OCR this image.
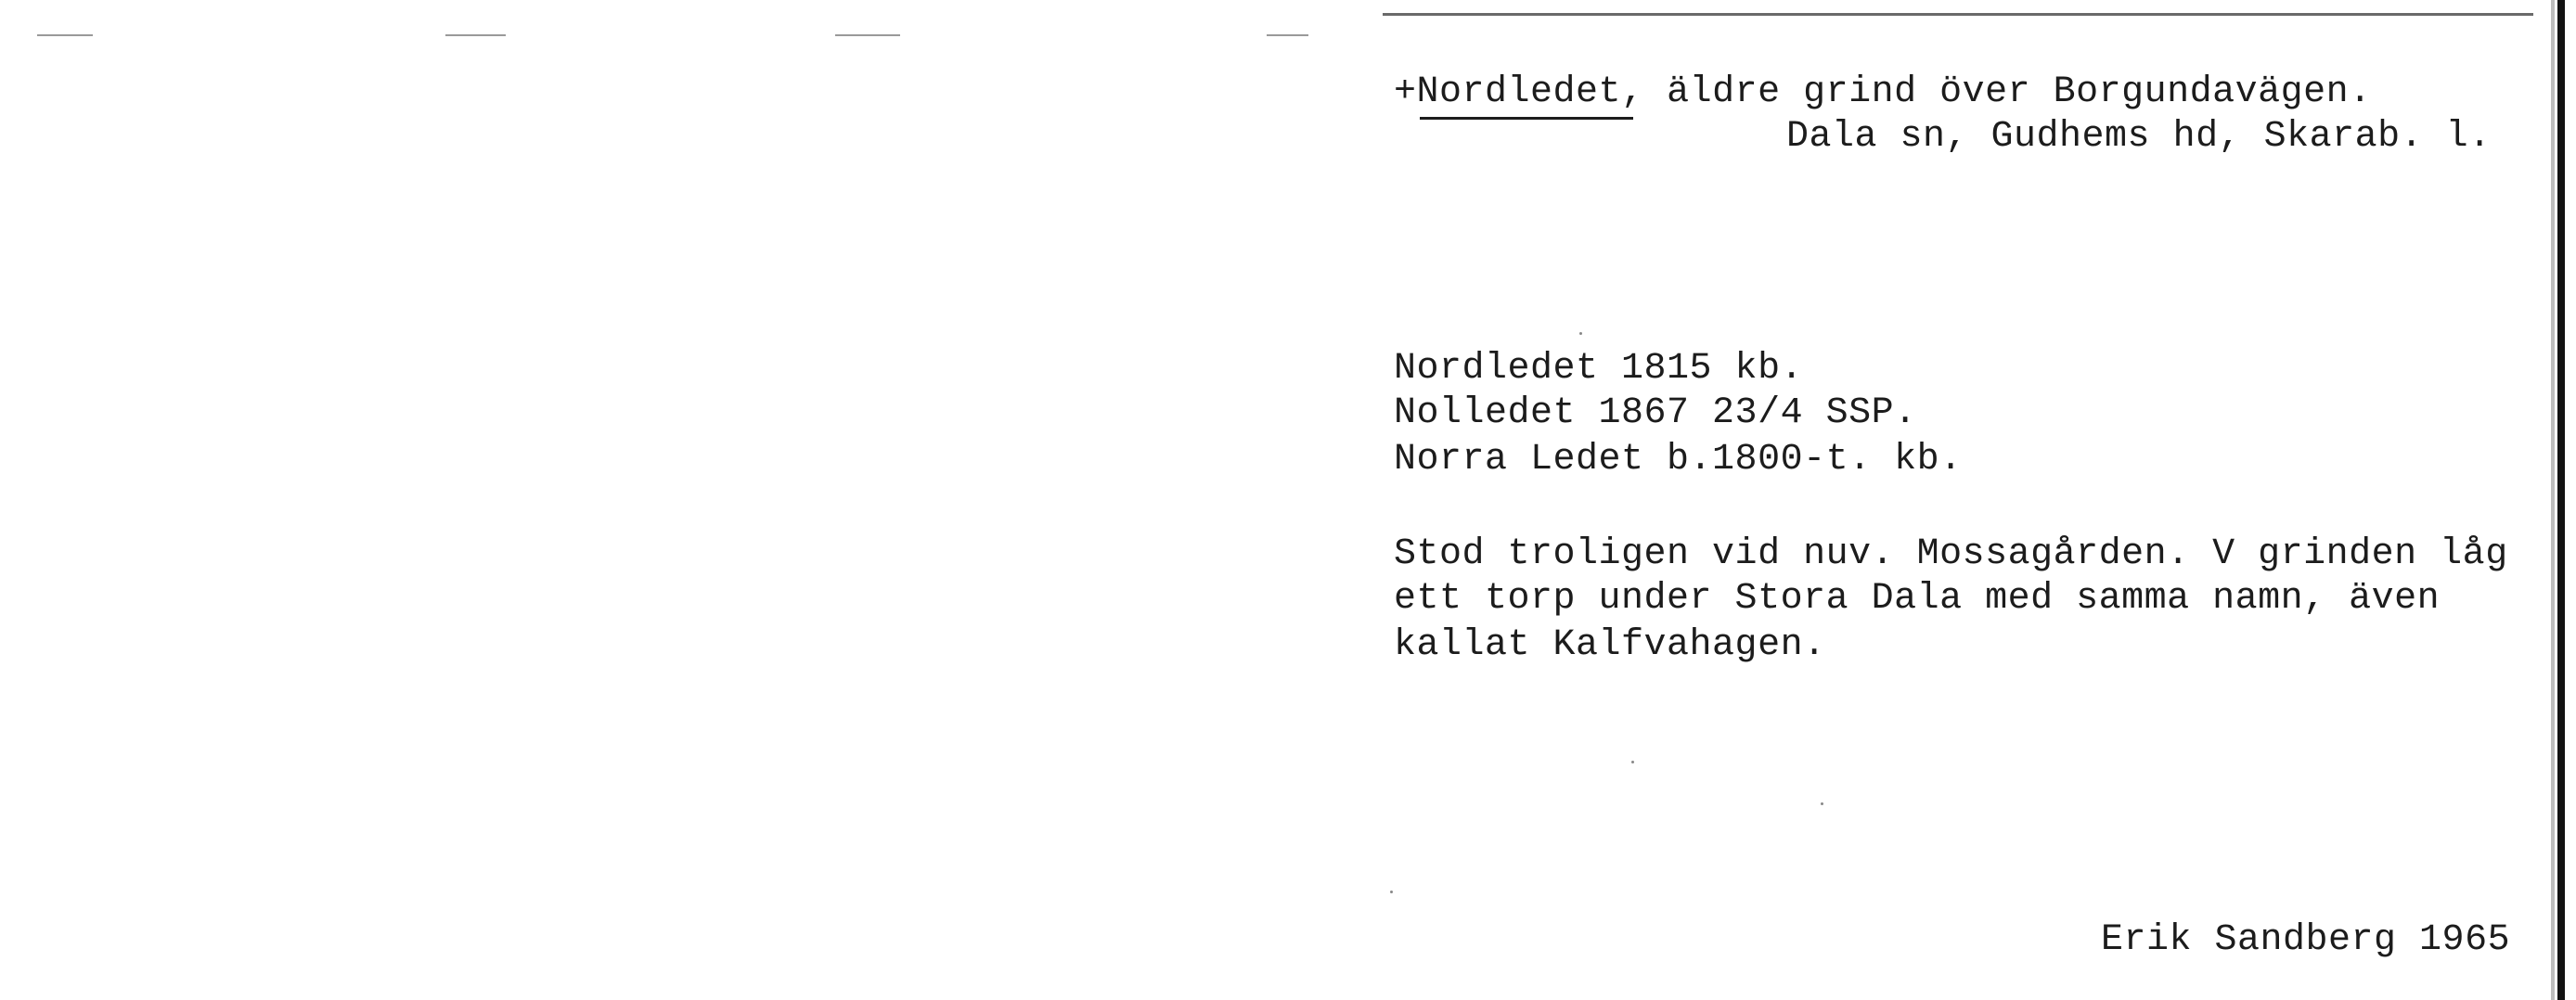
+Nordledet, äldre grind över Borgundavägen.
Dala sn, Gudhems hd, Skarab. l.
Nordledet 1815 kb.
Nolledet 1867 23/4 SSP.
Norra Ledet b.1800-t. kb.
Stod troligen vid nuv. Mossagården. V grinden låg
ett torp under Stora Dala med samma namn, även
kallat Kalfvahagen.
Erik Sandberg 1965
